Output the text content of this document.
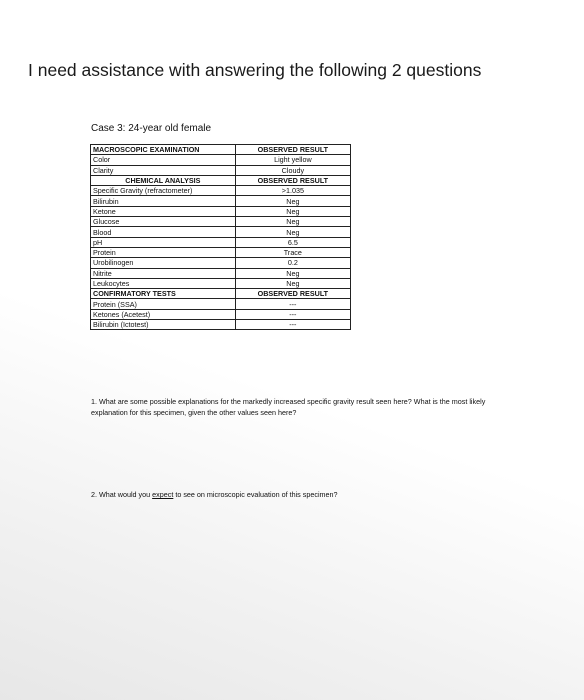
I need assistance with answering the following 2 questions
Case 3: 24-year old female
MACROSCOPIC EXAMINATION	OBSERVED RESULT
Color	Light yellow
Clarity	Cloudy
CHEMICAL ANALYSIS	OBSERVED RESULT
Specific Gravity (refractometer)	>1.035
Bilirubin	Neg
Ketone	Neg
Glucose	Neg
Blood	Neg
pH	6.5
Protein	Trace
Urobilinogen	0.2
Nitrite	Neg
Leukocytes	Neg
CONFIRMATORY TESTS	OBSERVED RESULT
Protein (SSA)	---
Ketones (Acetest)	---
Bilirubin (Ictotest)	---
1. What are some possible explanations for the markedly increased specific gravity result seen here? What is the most likely explanation for this specimen, given the other values seen here?
2. What would you expect to see on microscopic evaluation of this specimen?
